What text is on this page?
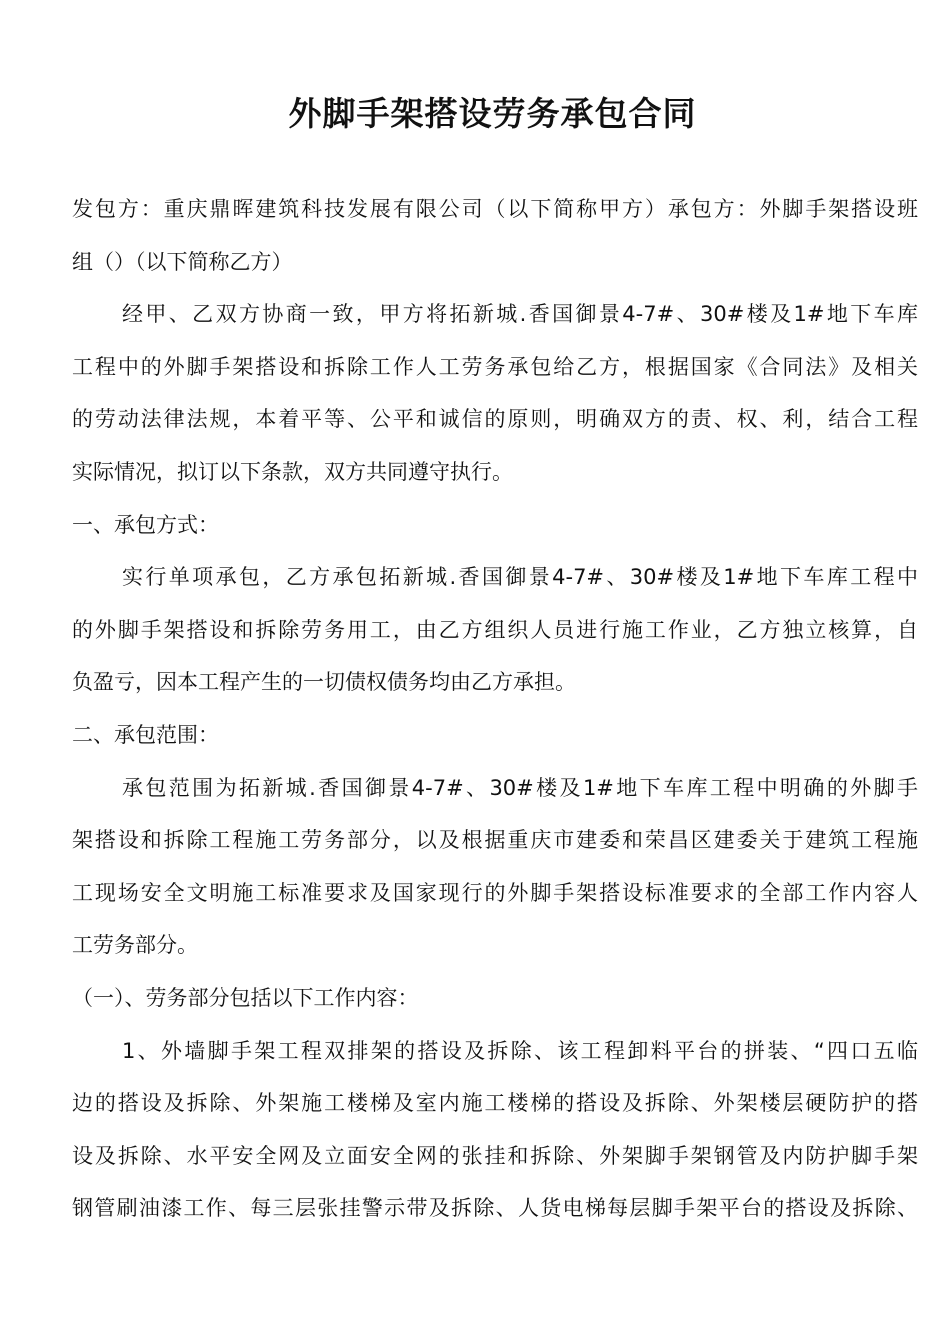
外脚手架搭设劳务承包合同
发包方：重庆鼎晖建筑科技发展有限公司（以下简称甲方）承包方：外脚手架搭设班
组（）（以下简称乙方）
经甲、乙双方协商一致，甲方将拓新城.香国御景4-7#、30#楼及1#地下车库
工程中的外脚手架搭设和拆除工作人工劳务承包给乙方，根据国家《合同法》及相关
的劳动法律法规，本着平等、公平和诚信的原则，明确双方的责、权、利，结合工程
实际情况，拟订以下条款，双方共同遵守执行。
一、承包方式：
实行单项承包，乙方承包拓新城.香国御景4-7#、30#楼及1#地下车库工程中
的外脚手架搭设和拆除劳务用工，由乙方组织人员进行施工作业，乙方独立核算，自
负盈亏，因本工程产生的一切债权债务均由乙方承担。
二、承包范围：
承包范围为拓新城.香国御景4-7#、30#楼及1#地下车库工程中明确的外脚手
架搭设和拆除工程施工劳务部分，以及根据重庆市建委和荣昌区建委关于建筑工程施
工现场安全文明施工标准要求及国家现行的外脚手架搭设标准要求的全部工作内容人
工劳务部分。
（一）、劳务部分包括以下工作内容：
1、外墙脚手架工程双排架的搭设及拆除、该工程卸料平台的拼装、“四口五临
边的搭设及拆除、外架施工楼梯及室内施工楼梯的搭设及拆除、外架楼层硬防护的搭
设及拆除、水平安全网及立面安全网的张挂和拆除、外架脚手架钢管及内防护脚手架
钢管刷油漆工作、每三层张挂警示带及拆除、人货电梯每层脚手架平台的搭设及拆除、
